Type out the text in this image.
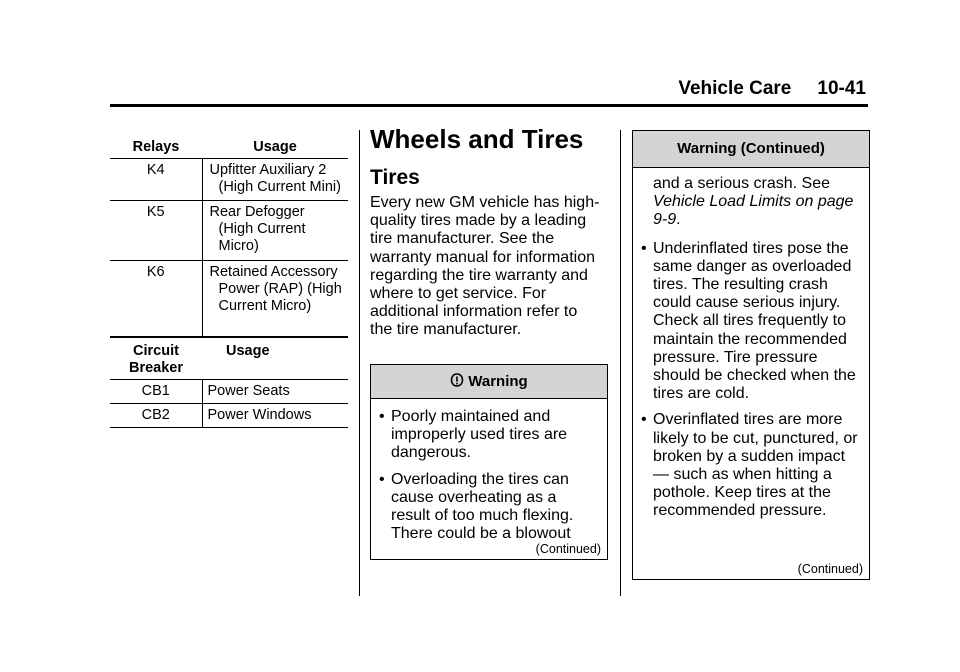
Vehicle Care 10-41
Relays	Usage
K4	Upfitter Auxiliary 2 (High Current Mini)
K5	Rear Defogger (High Current Micro)
K6	Retained Accessory Power (RAP) (High Current Micro)
Circuit Breaker	Usage
CB1	Power Seats
CB2	Power Windows
Wheels and Tires
Tires
Every new GM vehicle has high-quality tires made by a leading tire manufacturer. See the warranty manual for information regarding the tire warranty and where to get service. For additional information refer to the tire manufacturer.
Warning
• Poorly maintained and improperly used tires are dangerous.
• Overloading the tires can cause overheating as a result of too much flexing. There could be a blowout
(Continued)
Warning (Continued)
and a serious crash. See Vehicle Load Limits on page 9-9.
• Underinflated tires pose the same danger as overloaded tires. The resulting crash could cause serious injury. Check all tires frequently to maintain the recommended pressure. Tire pressure should be checked when the tires are cold.
• Overinflated tires are more likely to be cut, punctured, or broken by a sudden impact — such as when hitting a pothole. Keep tires at the recommended pressure.
(Continued)
